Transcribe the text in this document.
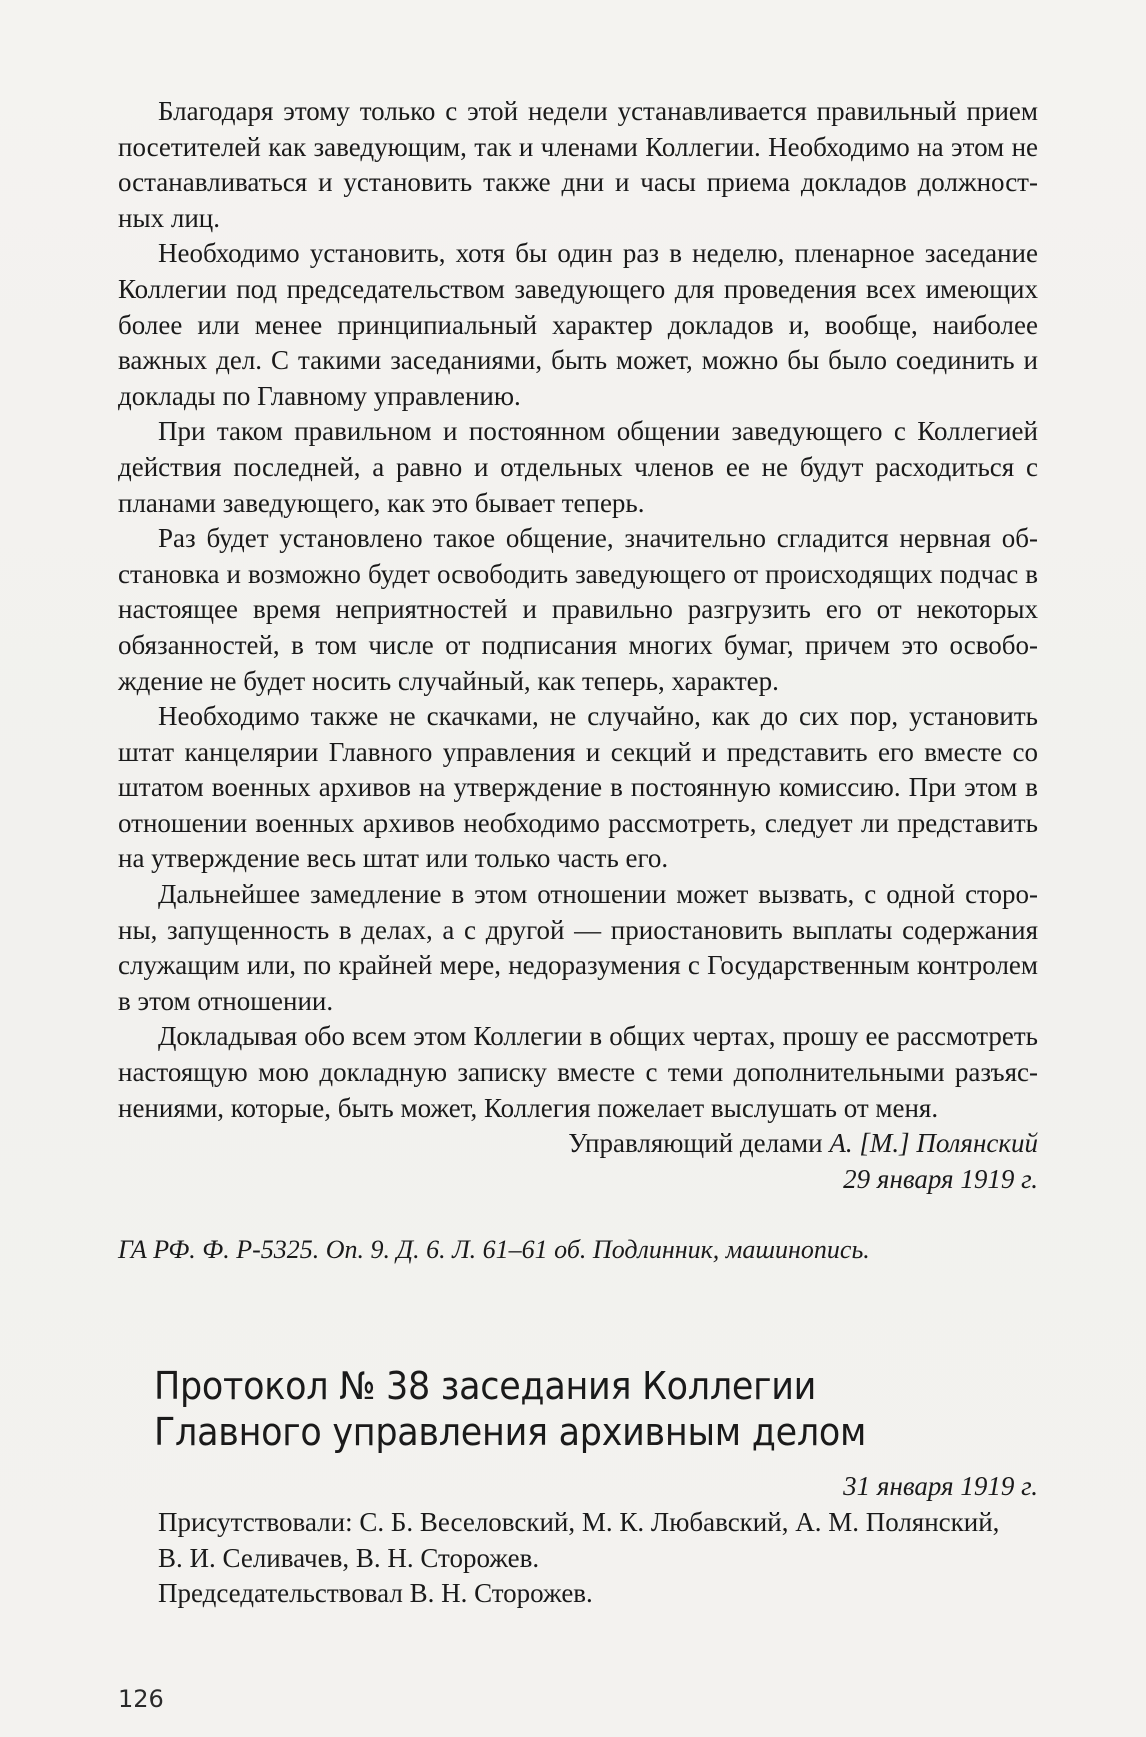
Благодаря этому только с этой недели устанавливается правильный прием посетителей как заведующим, так и членами Коллегии. Необходимо на этом не останавливаться и установить также дни и часы приема докладов должностных лиц.

Необходимо установить, хотя бы один раз в неделю, пленарное заседание Коллегии под председательством заведующего для проведения всех имеющих более или менее принципиальный характер докладов и, вообще, наиболее важных дел. С такими заседаниями, быть может, можно бы было соединить и доклады по Главному управлению.

При таком правильном и постоянном общении заведующего с Коллегией действия последней, а равно и отдельных членов ее не будут расходиться с планами заведующего, как это бывает теперь.

Раз будет установлено такое общение, значительно сгладится нервная обстановка и возможно будет освободить заведующего от происходящих подчас в настоящее время неприятностей и правильно разгрузить его от некоторых обязанностей, в том числе от подписания многих бумаг, причем это освобождение не будет носить случайный, как теперь, характер.

Необходимо также не скачками, не случайно, как до сих пор, установить штат канцелярии Главного управления и секций и представить его вместе со штатом военных архивов на утверждение в постоянную комиссию. При этом в отношении военных архивов необходимо рассмотреть, следует ли представить на утверждение весь штат или только часть его.

Дальнейшее замедление в этом отношении может вызвать, с одной стороны, запущенность в делах, а с другой — приостановить выплаты содержания служащим или, по крайней мере, недоразумения с Государственным контролем в этом отношении.

Докладывая обо всем этом Коллегии в общих чертах, прошу ее рассмотреть настоящую мою докладную записку вместе с теми дополнительными разъяснениями, которые, быть может, Коллегия пожелает выслушать от меня.

Управляющий делами А. [М.] Полянский

29 января 1919 г.

ГА РФ. Ф. Р-5325. Оп. 9. Д. 6. Л. 61–61 об. Подлинник, машинопись.

Протокол № 38 заседания Коллегии
Главного управления архивным делом

31 января 1919 г.

Присутствовали: С. Б. Веселовский, М. К. Любавский, А. М. Полянский,

В. И. Селивачев, В. Н. Сторожев.

Председательствовал В. Н. Сторожев.

126
